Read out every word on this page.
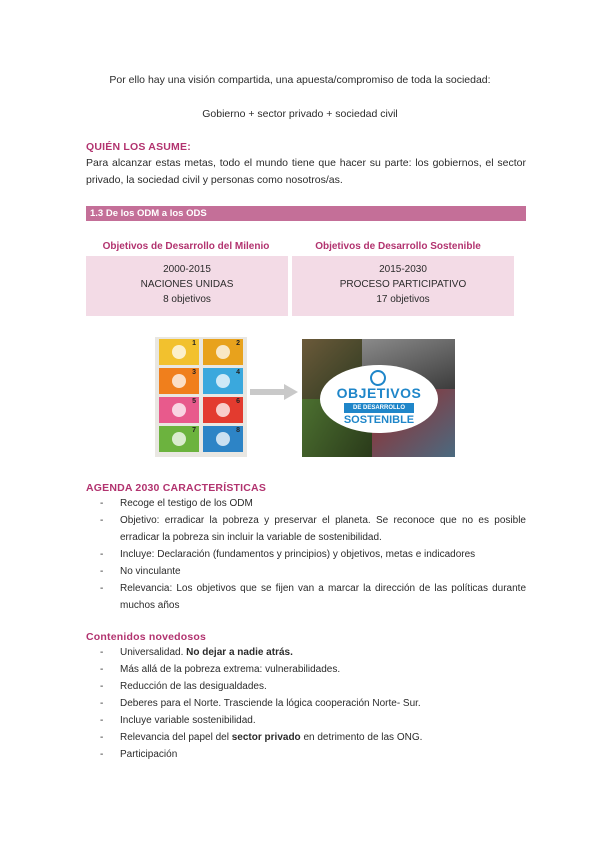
Por ello hay una visión compartida, una apuesta/compromiso de toda la sociedad:
Gobierno + sector privado + sociedad civil
QUIÉN LOS ASUME:
Para alcanzar estas metas, todo el mundo tiene que hacer su parte: los gobiernos, el sector privado, la sociedad civil y personas como nosotros/as.
1.3 De los ODM a los ODS
Objetivos de Desarrollo del Milenio	Objetivos de Desarrollo Sostenible
2000-2015
NACIONES UNIDAS
8 objetivos
2015-2030
PROCESO PARTICIPATIVO
17 objetivos
1	2
3	4
5	6
7	8
OBJETIVOS
DE DESARROLLO
SOSTENIBLE
AGENDA 2030 CARACTERÍSTICAS
- Recoge el testigo de los ODM
- Objetivo: erradicar la pobreza y preservar el planeta. Se reconoce que no es posible erradicar la pobreza sin incluir la variable de sostenibilidad.
- Incluye: Declaración (fundamentos y principios) y objetivos, metas e indicadores
- No vinculante
- Relevancia: Los objetivos que se fijen van a marcar la dirección de las políticas durante muchos años
Contenidos novedosos
- Universalidad. No dejar a nadie atrás.
- Más allá de la pobreza extrema: vulnerabilidades.
- Reducción de las desigualdades.
- Deberes para el Norte. Trasciende la lógica cooperación Norte- Sur.
- Incluye variable sostenibilidad.
- Relevancia del papel del sector privado en detrimento de las ONG.
- Participación
